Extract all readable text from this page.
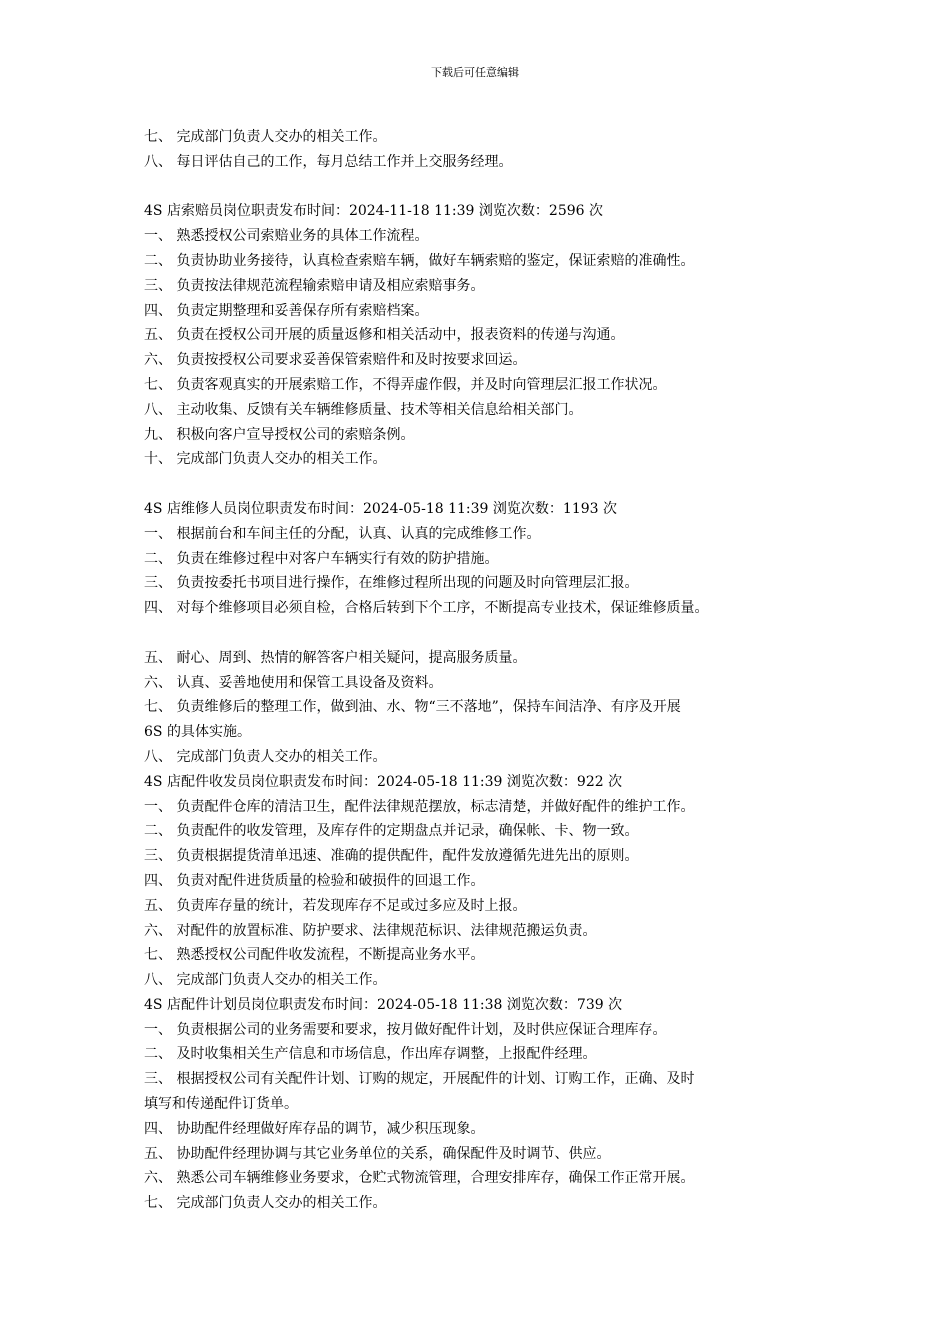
下载后可任意编辑
七、 完成部门负责人交办的相关工作。
八、 每日评估自己的工作，每月总结工作并上交服务经理。
4S 店索赔员岗位职责发布时间：2024-11-18 11:39 浏览次数：2596 次
一、 熟悉授权公司索赔业务的具体工作流程。
二、 负责协助业务接待，认真检查索赔车辆，做好车辆索赔的鉴定，保证索赔的准确性。
三、 负责按法律规范流程输索赔申请及相应索赔事务。
四、 负责定期整理和妥善保存所有索赔档案。
五、 负责在授权公司开展的质量返修和相关活动中，报表资料的传递与沟通。
六、 负责按授权公司要求妥善保管索赔件和及时按要求回运。
七、 负责客观真实的开展索赔工作，不得弄虚作假，并及时向管理层汇报工作状况。
八、 主动收集、反馈有关车辆维修质量、技术等相关信息给相关部门。
九、 积极向客户宣导授权公司的索赔条例。
十、 完成部门负责人交办的相关工作。
4S 店维修人员岗位职责发布时间：2024-05-18 11:39 浏览次数：1193 次
一、 根据前台和车间主任的分配，认真、认真的完成维修工作。
二、 负责在维修过程中对客户车辆实行有效的防护措施。
三、 负责按委托书项目进行操作，在维修过程所出现的问题及时向管理层汇报。
四、 对每个维修项目必须自检，合格后转到下个工序，不断提高专业技术，保证维修质量。
五、 耐心、周到、热情的解答客户相关疑问，提高服务质量。
六、 认真、妥善地使用和保管工具设备及资料。
七、 负责维修后的整理工作，做到油、水、物“三不落地”，保持车间洁净、有序及开展
6S 的具体实施。
八、 完成部门负责人交办的相关工作。
4S 店配件收发员岗位职责发布时间：2024-05-18 11:39 浏览次数：922 次
一、 负责配件仓库的清洁卫生，配件法律规范摆放，标志清楚，并做好配件的维护工作。
二、 负责配件的收发管理，及库存件的定期盘点并记录，确保帐、卡、物一致。
三、 负责根据提货清单迅速、准确的提供配件，配件发放遵循先进先出的原则。
四、 负责对配件进货质量的检验和破损件的回退工作。
五、 负责库存量的统计，若发现库存不足或过多应及时上报。
六、 对配件的放置标准、防护要求、法律规范标识、法律规范搬运负责。
七、 熟悉授权公司配件收发流程，不断提高业务水平。
八、 完成部门负责人交办的相关工作。
4S 店配件计划员岗位职责发布时间：2024-05-18 11:38 浏览次数：739 次
一、 负责根据公司的业务需要和要求，按月做好配件计划，及时供应保证合理库存。
二、 及时收集相关生产信息和市场信息，作出库存调整，上报配件经理。
三、 根据授权公司有关配件计划、订购的规定，开展配件的计划、订购工作，正确、及时
填写和传递配件订货单。
四、 协助配件经理做好库存品的调节，减少积压现象。
五、 协助配件经理协调与其它业务单位的关系，确保配件及时调节、供应。
六、 熟悉公司车辆维修业务要求，仓贮式物流管理，合理安排库存，确保工作正常开展。
七、 完成部门负责人交办的相关工作。
